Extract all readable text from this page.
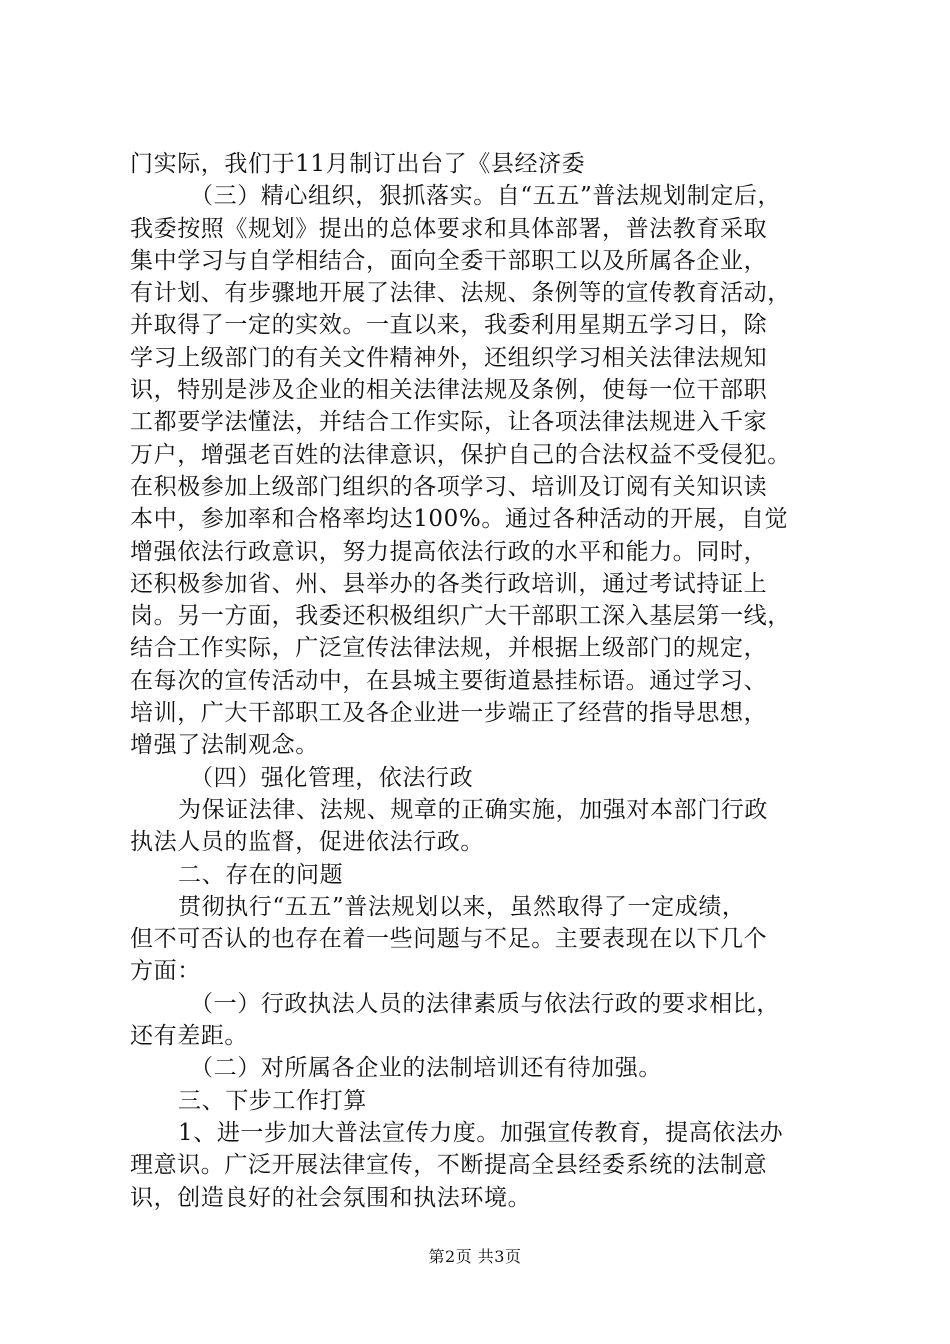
门实际，我们于11月制订出台了《县经济委
（三）精心组织，狠抓落实。自“五五”普法规划制定后，
我委按照《规划》提出的总体要求和具体部署，普法教育采取
集中学习与自学相结合，面向全委干部职工以及所属各企业，
有计划、有步骤地开展了法律、法规、条例等的宣传教育活动，
并取得了一定的实效。一直以来，我委利用星期五学习日，除
学习上级部门的有关文件精神外，还组织学习相关法律法规知
识，特别是涉及企业的相关法律法规及条例，使每一位干部职
工都要学法懂法，并结合工作实际，让各项法律法规进入千家
万户，增强老百姓的法律意识，保护自己的合法权益不受侵犯。
在积极参加上级部门组织的各项学习、培训及订阅有关知识读
本中，参加率和合格率均达100%。通过各种活动的开展，自觉
增强依法行政意识，努力提高依法行政的水平和能力。同时，
还积极参加省、州、县举办的各类行政培训，通过考试持证上
岗。另一方面，我委还积极组织广大干部职工深入基层第一线，
结合工作实际，广泛宣传法律法规，并根据上级部门的规定，
在每次的宣传活动中，在县城主要街道悬挂标语。通过学习、
培训，广大干部职工及各企业进一步端正了经营的指导思想，
增强了法制观念。
（四）强化管理，依法行政
为保证法律、法规、规章的正确实施，加强对本部门行政
执法人员的监督，促进依法行政。
二、存在的问题
贯彻执行“五五”普法规划以来，虽然取得了一定成绩，
但不可否认的也存在着一些问题与不足。主要表现在以下几个
方面：
（一）行政执法人员的法律素质与依法行政的要求相比，
还有差距。
（二）对所属各企业的法制培训还有待加强。
三、下步工作打算
1、进一步加大普法宣传力度。加强宣传教育，提高依法办
理意识。广泛开展法律宣传，不断提高全县经委系统的法制意
识，创造良好的社会氛围和执法环境。
第2页 共3页
